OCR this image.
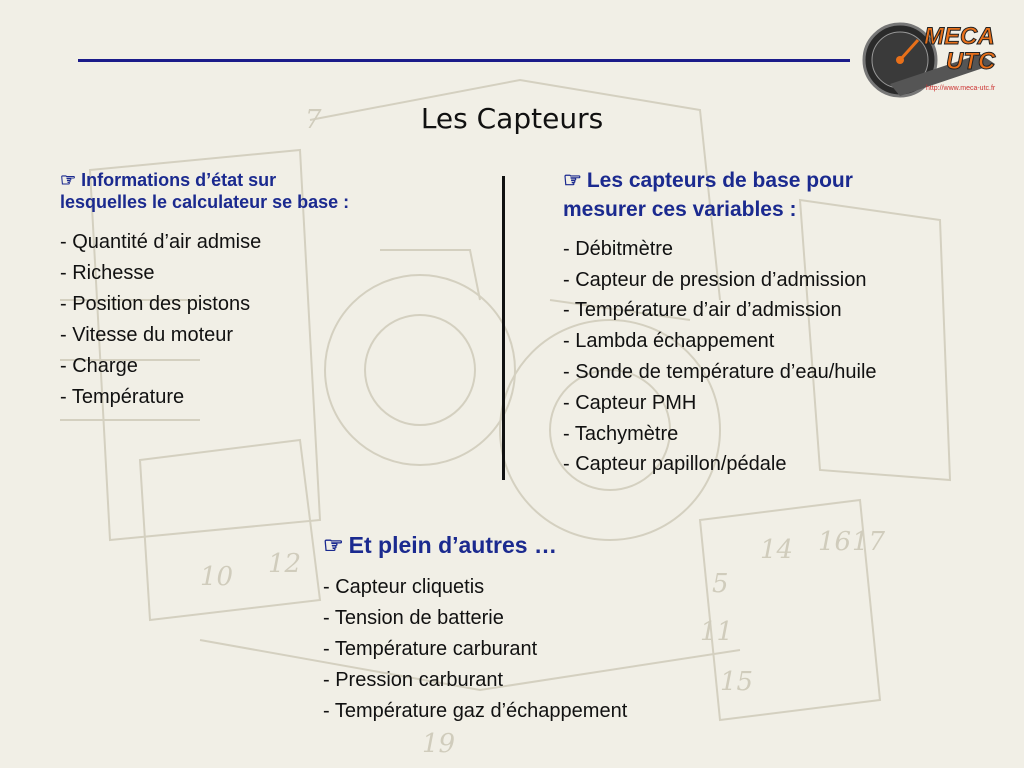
7
10 12	14 16 17
5
11
19
15
MECA
UTC
http://www.meca-utc.fr
Les Capteurs
☞ Informations d’état sur
lesquelles le calculateur se base :
- Quantité d’air admise
- Richesse
- Position des pistons
- Vitesse du moteur
- Charge
- Température
☞ Les capteurs de base pour
mesurer ces variables :
- Débitmètre
- Capteur de pression d’admission
- Température d’air d’admission
- Lambda échappement
- Sonde de température d’eau/huile
- Capteur PMH
- Tachymètre
- Capteur papillon/pédale
☞ Et plein d’autres …
- Capteur cliquetis
- Tension de batterie
- Température carburant
- Pression carburant
- Température gaz d’échappement
